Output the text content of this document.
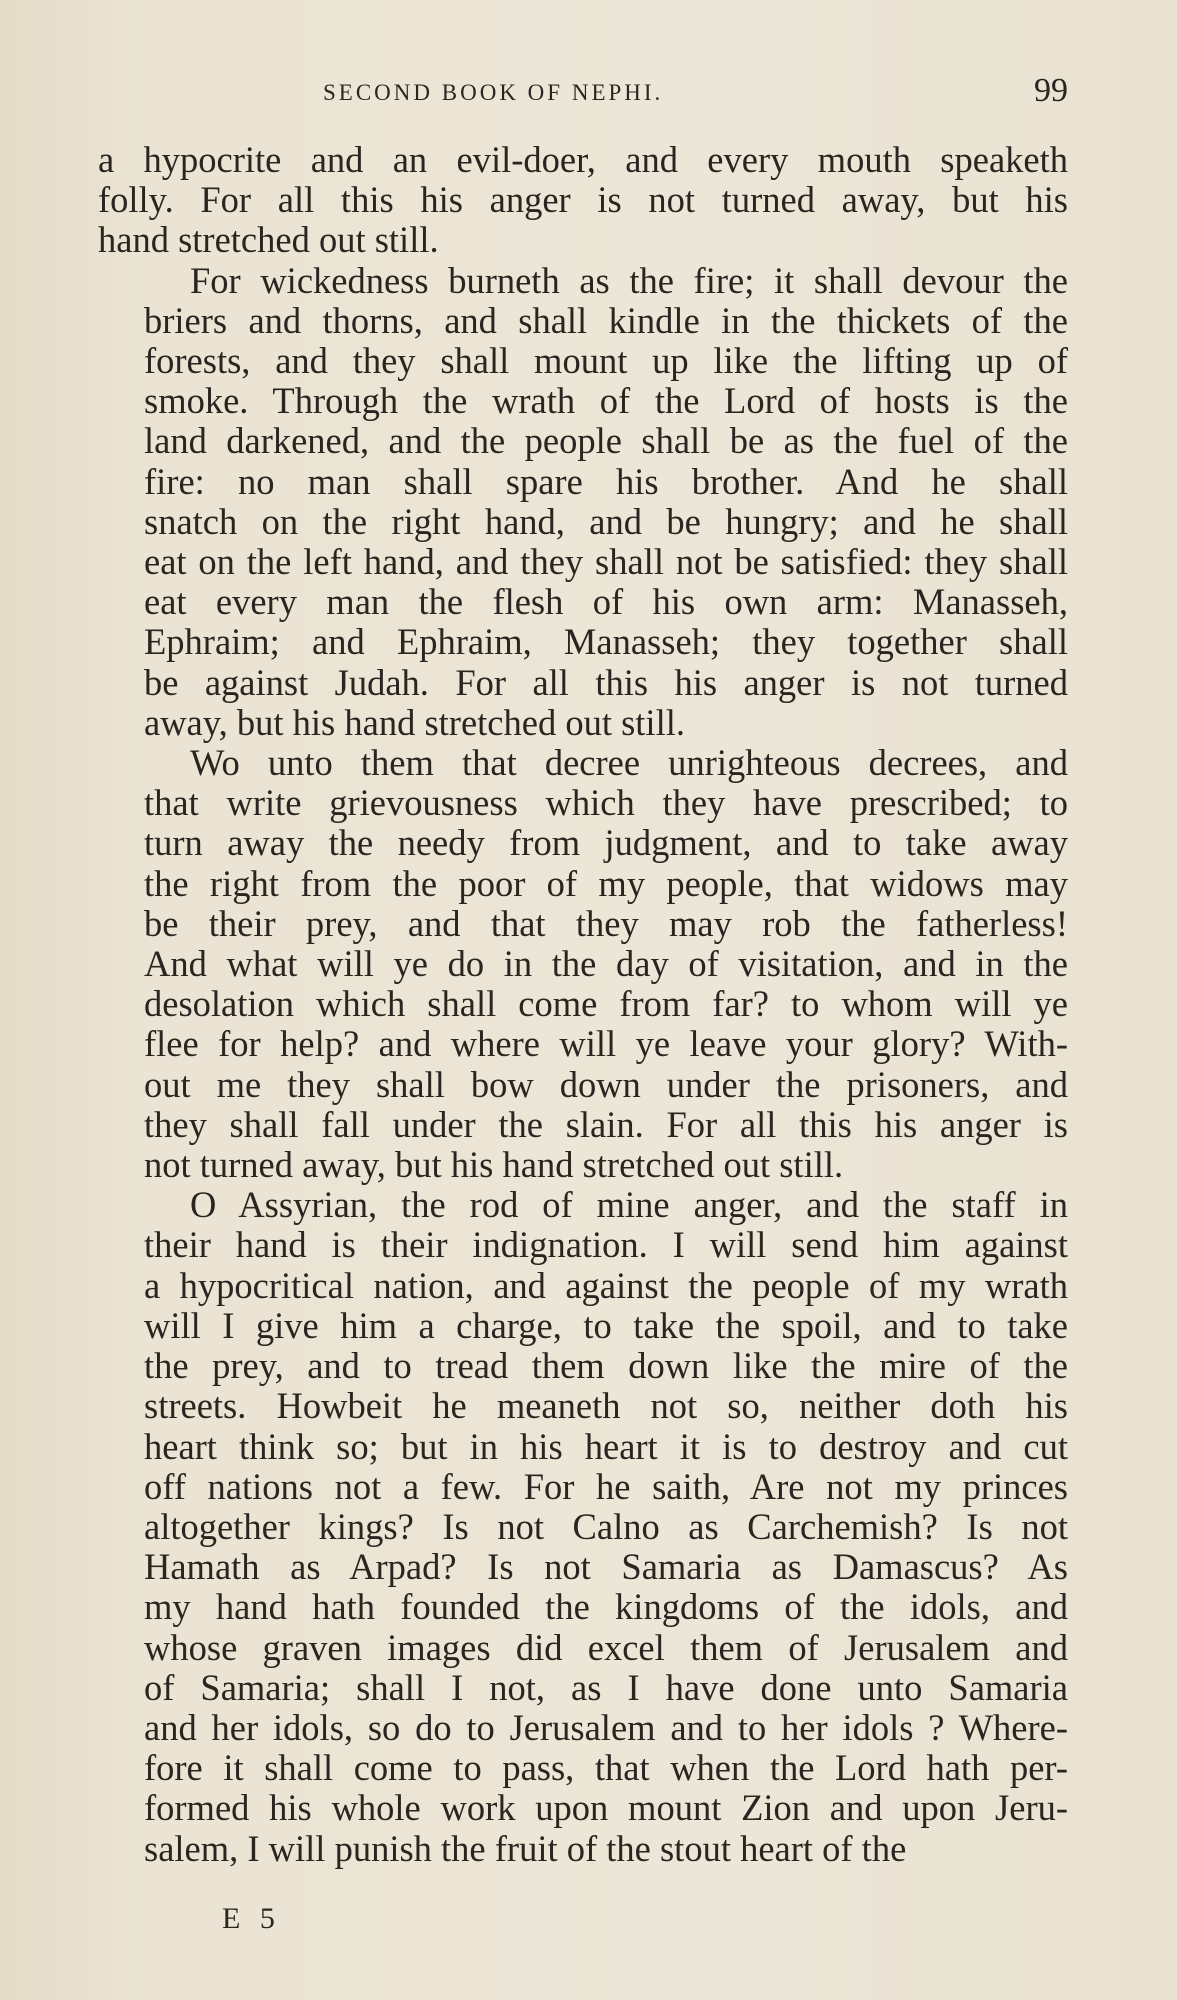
SECOND BOOK OF NEPHI.	99
a hypocrite and an evil-doer, and every mouth speaketh
folly. For all this his anger is not turned away, but his
hand stretched out still.
For wickedness burneth as the fire; it shall devour the
briers and thorns, and shall kindle in the thickets of the
forests, and they shall mount up like the lifting up of
smoke. Through the wrath of the Lord of hosts is the
land darkened, and the people shall be as the fuel of the
fire: no man shall spare his brother. And he shall
snatch on the right hand, and be hungry; and he shall
eat on the left hand, and they shall not be satisfied: they shall
eat every man the flesh of his own arm: Manasseh,
Ephraim; and Ephraim, Manasseh; they together shall
be against Judah. For all this his anger is not turned
away, but his hand stretched out still.
Wo unto them that decree unrighteous decrees, and
that write grievousness which they have prescribed; to
turn away the needy from judgment, and to take away
the right from the poor of my people, that widows may
be their prey, and that they may rob the fatherless!
And what will ye do in the day of visitation, and in the
desolation which shall come from far? to whom will ye
flee for help? and where will ye leave your glory? With-
out me they shall bow down under the prisoners, and
they shall fall under the slain. For all this his anger is
not turned away, but his hand stretched out still.
O Assyrian, the rod of mine anger, and the staff in
their hand is their indignation. I will send him against
a hypocritical nation, and against the people of my wrath
will I give him a charge, to take the spoil, and to take
the prey, and to tread them down like the mire of the
streets. Howbeit he meaneth not so, neither doth his
heart think so; but in his heart it is to destroy and cut
off nations not a few. For he saith, Are not my princes
altogether kings? Is not Calno as Carchemish? Is not
Hamath as Arpad? Is not Samaria as Damascus? As
my hand hath founded the kingdoms of the idols, and
whose graven images did excel them of Jerusalem and
of Samaria; shall I not, as I have done unto Samaria
and her idols, so do to Jerusalem and to her idols ? Where-
fore it shall come to pass, that when the Lord hath per-
formed his whole work upon mount Zion and upon Jeru-
salem, I will punish the fruit of the stout heart of the
E 5
